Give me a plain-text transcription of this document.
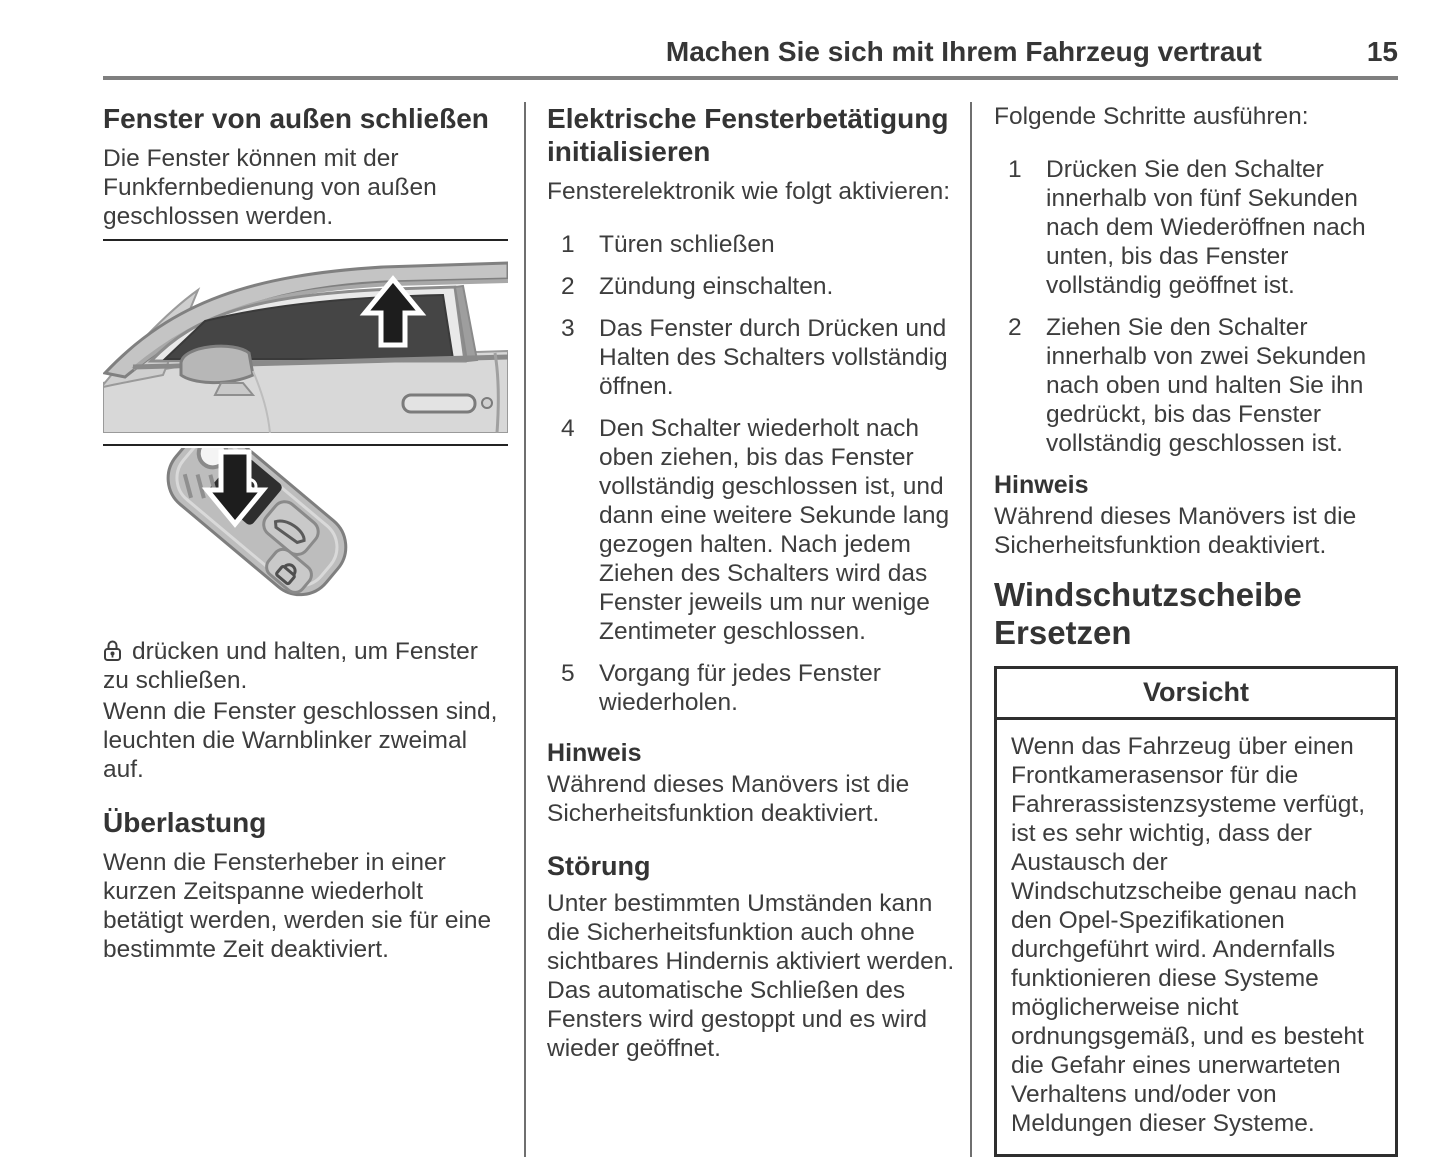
Machen Sie sich mit Ihrem Fahrzeug vertraut	15
Fenster von außen schließen

Die Fenster können mit der Funkfernbedienung von außen geschlossen werden.

drücken und halten, um Fenster zu schließen.

Wenn die Fenster geschlossen sind, leuchten die Warnblinker zweimal auf.

Überlastung

Wenn die Fensterheber in einer kurzen Zeitspanne wiederholt betätigt werden, werden sie für eine bestimmte Zeit deaktiviert.

Elektrische Fensterbetätigung initialisieren

Fensterelektronik wie folgt aktivieren:

1 Türen schließen
2 Zündung einschalten.
3 Das Fenster durch Drücken und Halten des Schalters vollständig öffnen.
4 Den Schalter wiederholt nach oben ziehen, bis das Fenster vollständig geschlossen ist, und dann eine weitere Sekunde lang gezogen halten. Nach jedem Ziehen des Schalters wird das Fenster jeweils um nur wenige Zentimeter geschlossen.
5 Vorgang für jedes Fenster wiederholen.
Hinweis

Während dieses Manövers ist die Sicherheitsfunktion deaktiviert.

Störung

Unter bestimmten Umständen kann die Sicherheitsfunktion auch ohne sichtbares Hindernis aktiviert werden. Das automatische Schließen des Fensters wird gestoppt und es wird wieder geöffnet.

Folgende Schritte ausführen:

1 Drücken Sie den Schalter innerhalb von fünf Sekunden nach dem Wiederöffnen nach unten, bis das Fenster vollständig geöffnet ist.
2 Ziehen Sie den Schalter innerhalb von zwei Sekunden nach oben und halten Sie ihn gedrückt, bis das Fenster vollständig geschlossen ist.
Hinweis

Während dieses Manövers ist die Sicherheitsfunktion deaktiviert.

Windschutzscheibe Ersetzen
Vorsicht
Wenn das Fahrzeug über einen Frontkamerasensor für die Fahrerassistenzsysteme verfügt, ist es sehr wichtig, dass der Austausch der Windschutzscheibe genau nach den Opel-Spezifikationen durchgeführt wird. Andernfalls funktionieren diese Systeme möglicherweise nicht ordnungsgemäß, und es besteht die Gefahr eines unerwarteten Verhaltens und/oder von Meldungen dieser Systeme.
